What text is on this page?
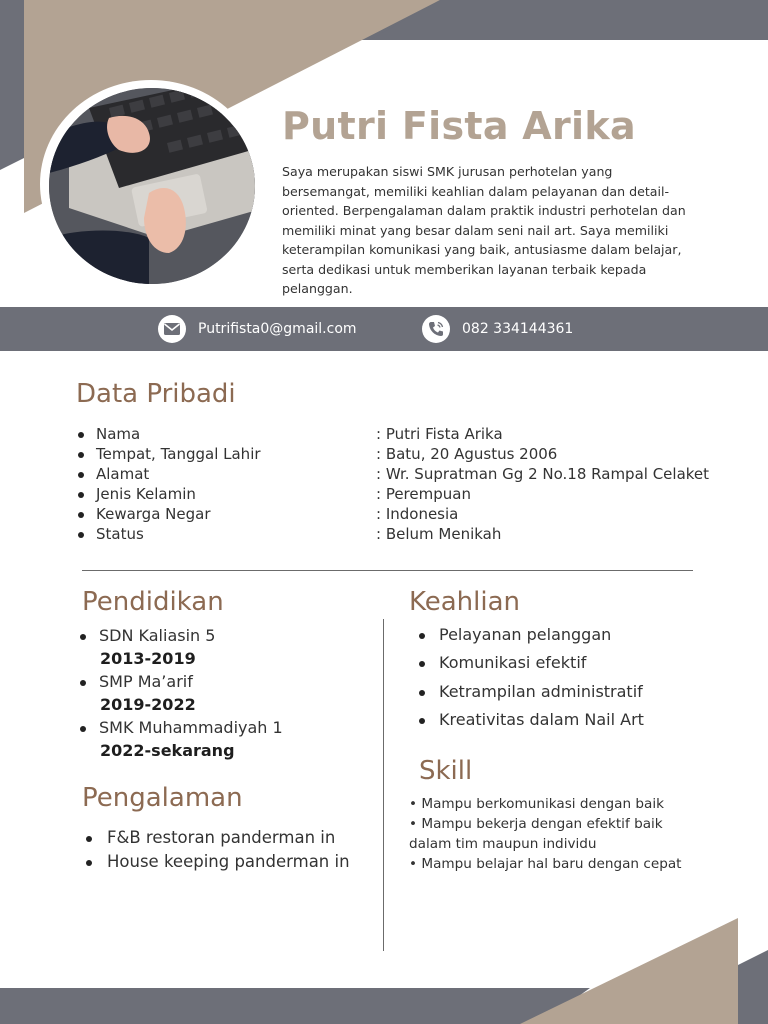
Putri Fista Arika

Saya merupakan siswi SMK jurusan perhotelan yang bersemangat, memiliki keahlian dalam pelayanan dan detail-oriented. Berpengalaman dalam praktik industri perhotelan dan memiliki minat yang besar dalam seni nail art. Saya memiliki keterampilan komunikasi yang baik, antusiasme dalam belajar, serta dedikasi untuk memberikan layanan terbaik kepada pelanggan.

Putrifista0@gmail.com	082 334144361
Data Pribadi
Nama	: Putri Fista Arika
Tempat, Tanggal Lahir	: Batu, 20 Agustus 2006
Alamat	: Wr. Supratman Gg 2 No.18 Rampal Celaket
Jenis Kelamin	: Perempuan
Kewarga Negar	: Indonesia
Status	: Belum Menikah
Pendidikan
SDN Kaliasin 5
2013-2019
SMP Ma’arif
2019-2022
SMK Muhammadiyah 1
2022-sekarang
Pengalaman
F&B restoran panderman in
House keeping panderman in
Keahlian
Pelayanan pelanggan
Komunikasi efektif
Ketrampilan administratif
Kreativitas dalam Nail Art
Skill
• Mampu berkomunikasi dengan baik
• Mampu bekerja dengan efektif baik
dalam tim maupun individu
• Mampu belajar hal baru dengan cepat
